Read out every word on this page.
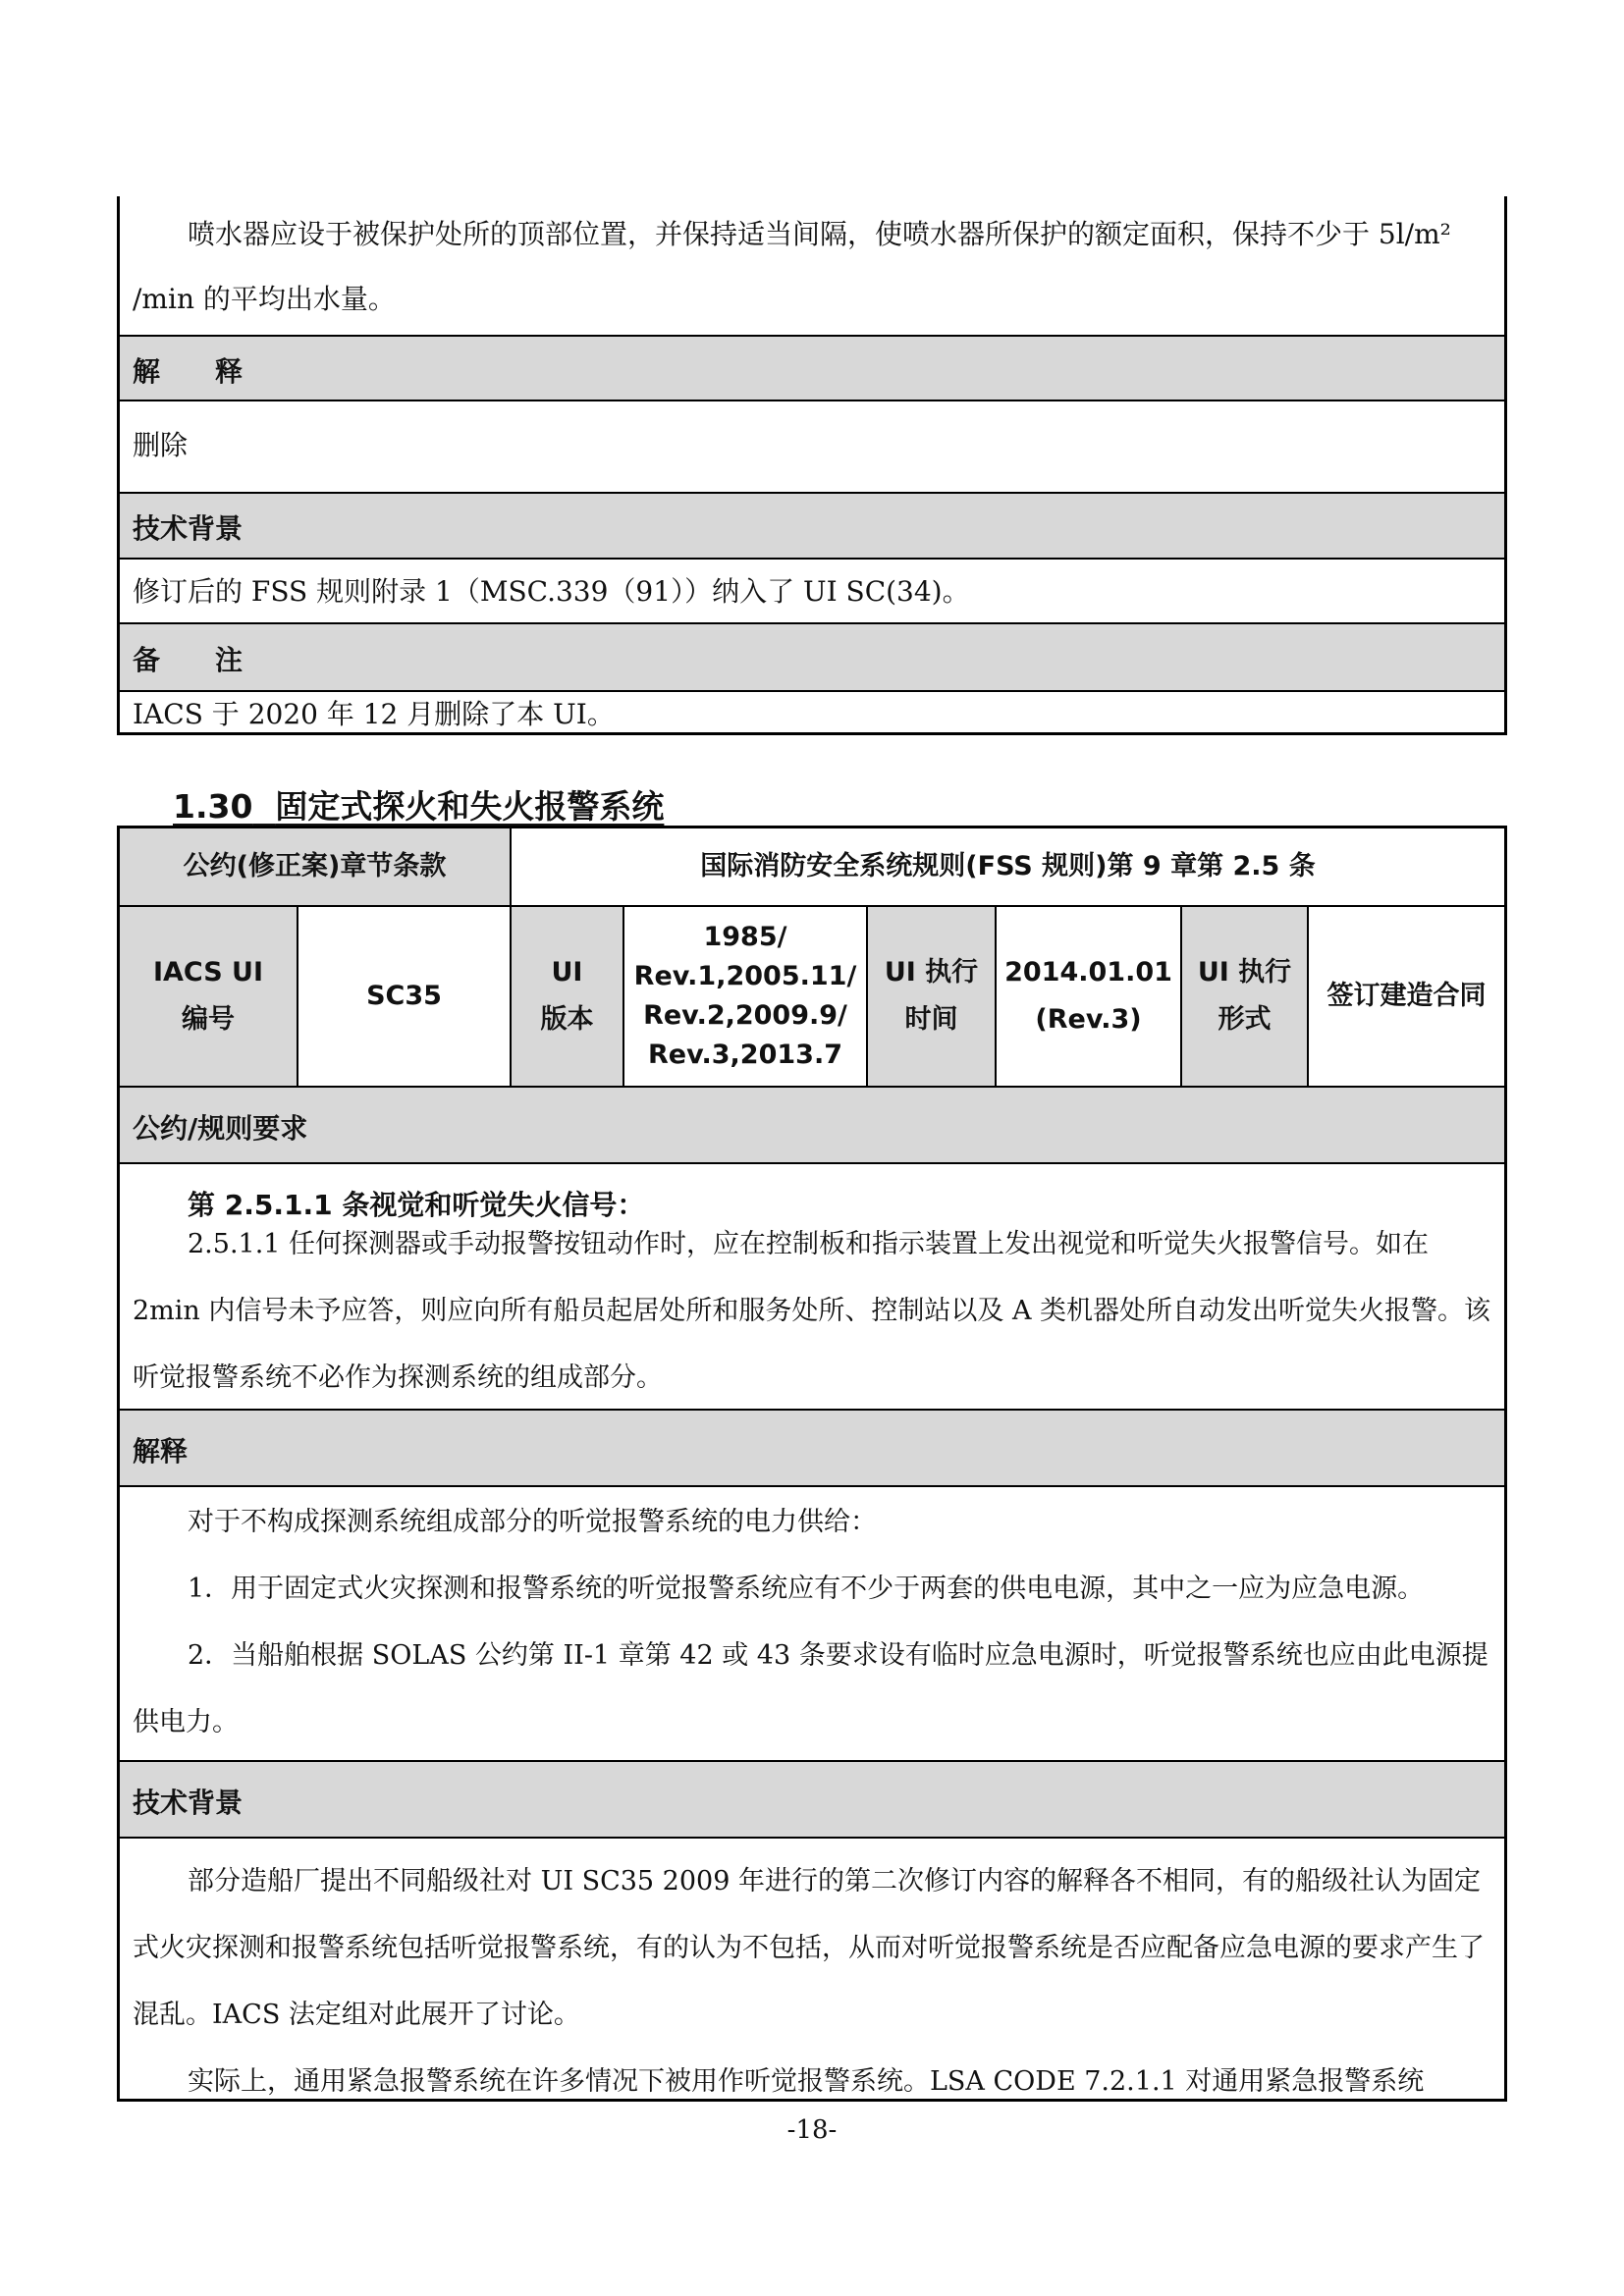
喷水器应设于被保护处所的顶部位置，并保持适当间隔，使喷水器所保护的额定面积，保持不少于 5l/m²
/min 的平均出水量。
解　　释
删除
技术背景
修订后的 FSS 规则附录 1（MSC.339（91））纳入了 UI SC(34)。
备　　注
IACS 于 2020 年 12 月删除了本 UI。
1.30 固定式探火和失火报警系统
公约(修正案)章节条款	国际消防安全系统规则(FSS 规则)第 9 章第 2.5 条
IACS UI
编号
SC35
UI
版本
1985/
Rev.1,2005.11/
Rev.2,2009.9/
Rev.3,2013.7
UI 执行
时间
2014.01.01
(Rev.3)
UI 执行
形式
签订建造合同
公约/规则要求
第 2.5.1.1 条视觉和听觉失火信号：
2.5.1.1 任何探测器或手动报警按钮动作时，应在控制板和指示装置上发出视觉和听觉失火报警信号。如在 2min 内信号未予应答，则应向所有船员起居处所和服务处所、控制站以及 A 类机器处所自动发出听觉失火报警。该听觉报警系统不必作为探测系统的组成部分。
解释
对于不构成探测系统组成部分的听觉报警系统的电力供给：
1．用于固定式火灾探测和报警系统的听觉报警系统应有不少于两套的供电电源，其中之一应为应急电源。
2．当船舶根据 SOLAS 公约第 II-1 章第 42 或 43 条要求设有临时应急电源时，听觉报警系统也应由此电源提供电力。
技术背景
部分造船厂提出不同船级社对 UI SC35 2009 年进行的第二次修订内容的解释各不相同，有的船级社认为固定式火灾探测和报警系统包括听觉报警系统，有的认为不包括，从而对听觉报警系统是否应配备应急电源的要求产生了混乱。IACS 法定组对此展开了讨论。
实际上，通用紧急报警系统在许多情况下被用作听觉报警系统。LSA CODE 7.2.1.1 对通用紧急报警系统
-18-
